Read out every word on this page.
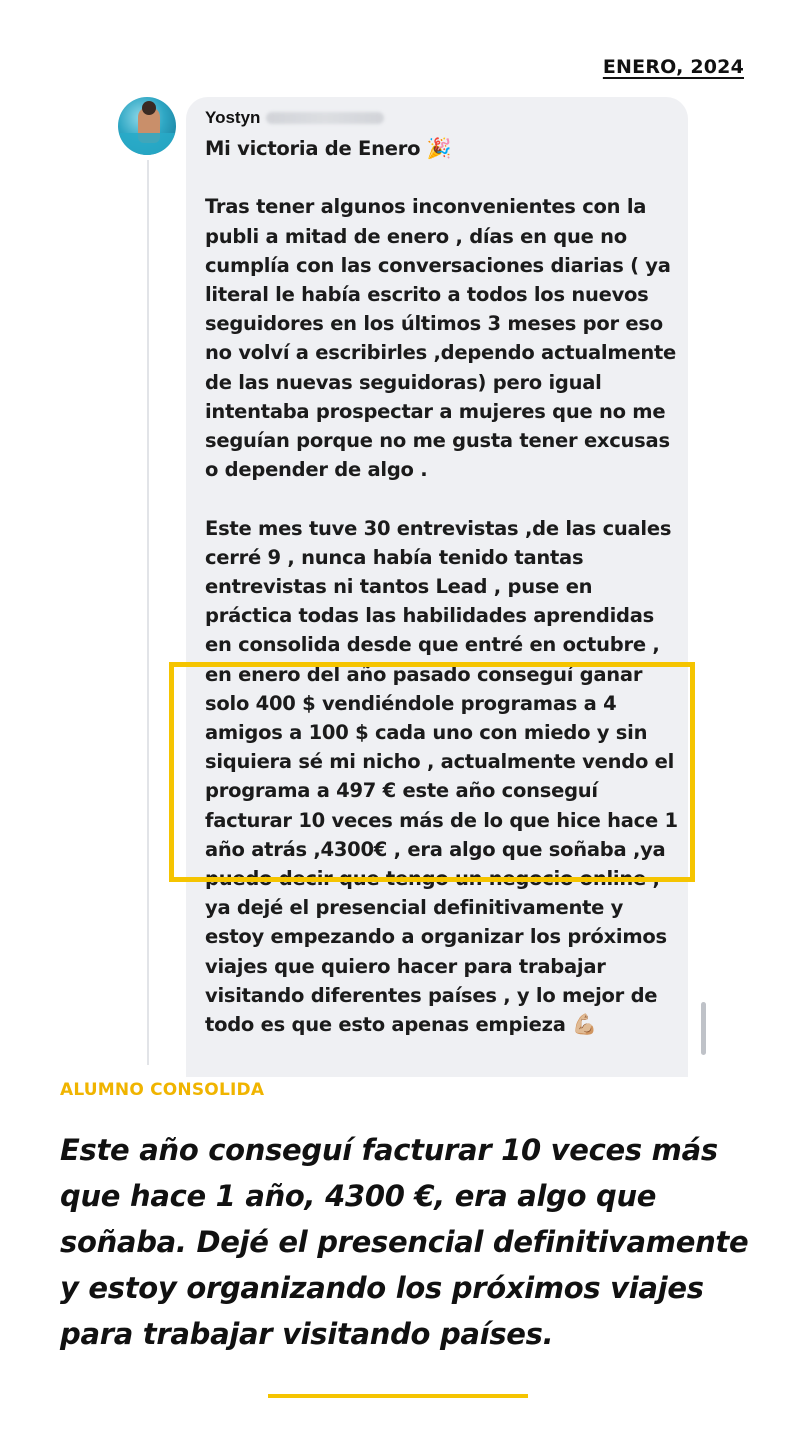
ENERO, 2024
Yostyn

Mi victoria de Enero 🎉

Tras tener algunos inconvenientes con la
publi a mitad de enero , días en que no
cumplía con las conversaciones diarias ( ya
literal le había escrito a todos los nuevos
seguidores en los últimos 3 meses por eso
no volví a escribirles ,dependo actualmente
de las nuevas seguidoras) pero igual
intentaba prospectar a mujeres que no me
seguían porque no me gusta tener excusas
o depender de algo .

Este mes tuve 30 entrevistas ,de las cuales
cerré 9 , nunca había tenido tantas
entrevistas ni tantos Lead , puse en
práctica todas las habilidades aprendidas
en consolida desde que entré en octubre ,
en enero del año pasado conseguí ganar
solo 400 $ vendiéndole programas a 4
amigos a 100 $ cada uno con miedo y sin
siquiera sé mi nicho , actualmente vendo el
programa a 497 € este año conseguí
facturar 10 veces más de lo que hice hace 1
año atrás ,4300€ , era algo que soñaba ,ya
puedo decir que tengo un negocio online ,
ya dejé el presencial definitivamente y
estoy empezando a organizar los próximos
viajes que quiero hacer para trabajar
visitando diferentes países , y lo mejor de
todo es que esto apenas empieza 💪🏼

ALUMNO CONSOLIDA
Este año conseguí facturar 10 veces más
que hace 1 año, 4300 €, era algo que
soñaba. Dejé el presencial definitivamente
y estoy organizando los próximos viajes
para trabajar visitando países.
